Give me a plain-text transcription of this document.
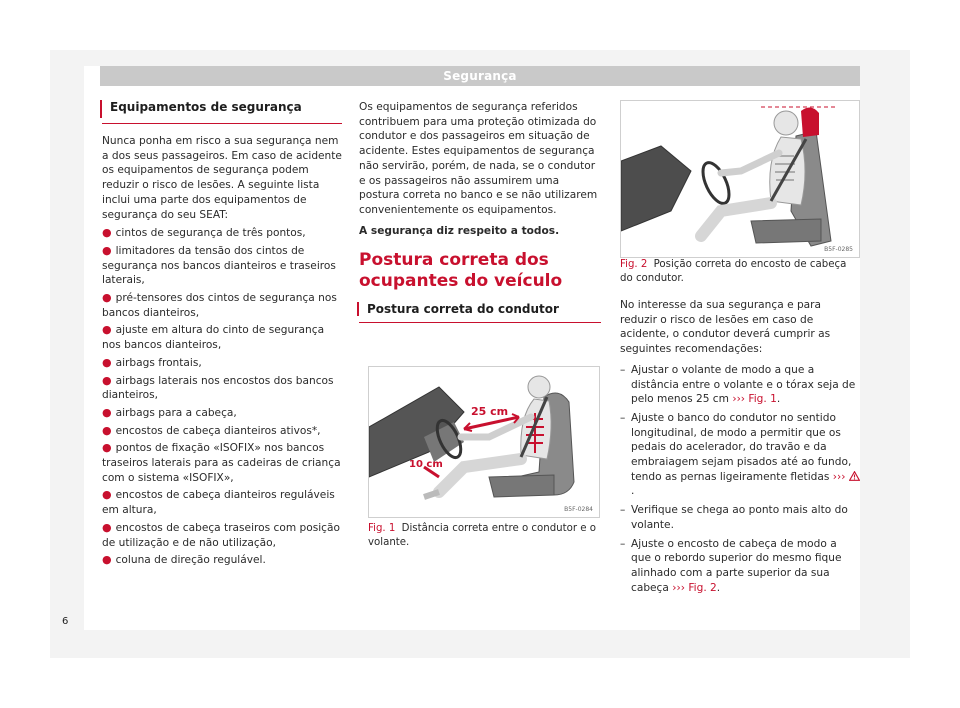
Segurança
Equipamentos de segurança

Nunca ponha em risco a sua segurança nem a dos seus passageiros. Em caso de acidente os equipamentos de segurança podem reduzir o risco de lesões. A seguinte lista inclui uma parte dos equipamentos de segurança do seu SEAT:

● cintos de segurança de três pontos,
● limitadores da tensão dos cintos de segurança nos bancos dianteiros e traseiros laterais,
● pré-tensores dos cintos de segurança nos bancos dianteiros,
● ajuste em altura do cinto de segurança nos bancos dianteiros,
● airbags frontais,
● airbags laterais nos encostos dos bancos dianteiros,
● airbags para a cabeça,
● encostos de cabeça dianteiros ativos*,
● pontos de fixação «ISOFIX» nos bancos traseiros laterais para as cadeiras de criança com o sistema «ISOFIX»,
● encostos de cabeça dianteiros reguláveis em altura,
● encostos de cabeça traseiros com posição de utilização e de não utilização,
● coluna de direção regulável.

Os equipamentos de segurança referidos contribuem para uma proteção otimizada do condutor e dos passageiros em situação de acidente. Estes equipamentos de segurança não servirão, porém, de nada, se o condutor e os passageiros não assumirem uma postura correta no banco e se não utilizarem convenientemente os equipamentos.

A segurança diz respeito a todos.

Postura correta dos ocupantes do veículo
Postura correta do condutor
25 cm
10 cm
B5F-0284
Fig. 1 Distância correta entre o condutor e o volante.
B5F-0285
Fig. 2 Posição correta do encosto de cabeça do condutor.

No interesse da sua segurança e para reduzir o risco de lesões em caso de acidente, o condutor deverá cumprir as seguintes recomendações:

– Ajustar o volante de modo a que a distância entre o volante e o tórax seja de pelo menos 25 cm ››› Fig. 1.
– Ajuste o banco do condutor no sentido longitudinal, de modo a permitir que os pedais do acelerador, do travão e da embraiagem sejam pisados até ao fundo, tendo as pernas ligeiramente fletidas ››› .
– Verifique se chega ao ponto mais alto do volante.
– Ajuste o encosto de cabeça de modo a que o rebordo superior do mesmo fique alinhado com a parte superior da sua cabeça ››› Fig. 2.
6
